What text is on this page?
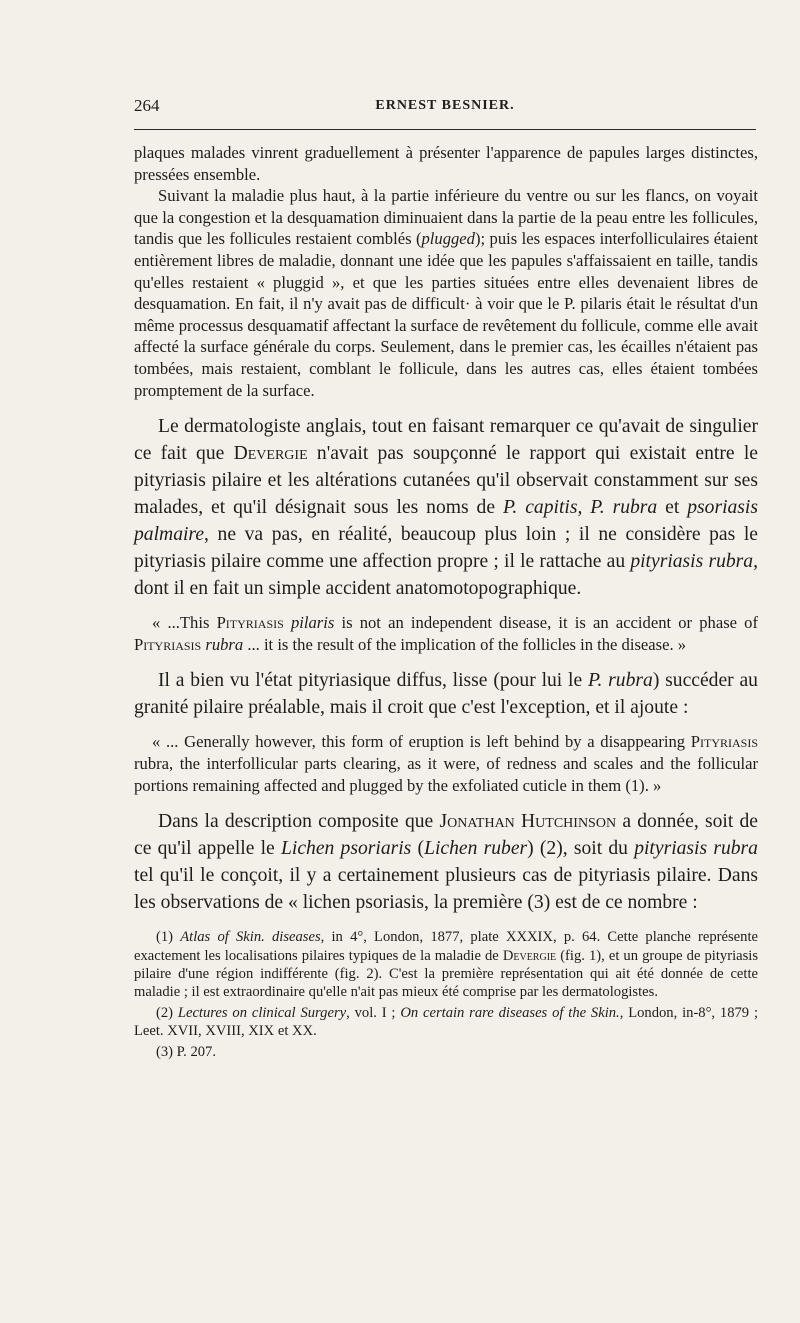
264	ERNEST BESNIER.

plaques malades vinrent graduellement à présenter l'apparence de papules larges distinctes, pressées ensemble.

Suivant la maladie plus haut, à la partie inférieure du ventre ou sur les flancs, on voyait que la congestion et la desquamation diminuaient dans la partie de la peau entre les follicules, tandis que les follicules restaient comblés (plugged); puis les espaces interfolliculaires étaient entièrement libres de maladie, donnant une idée que les papules s'affaissaient en taille, tandis qu'elles restaient « pluggid », et que les parties situées entre elles devenaient libres de desquamation. En fait, il n'y avait pas de difficult· à voir que le P. pilaris était le résultat d'un même processus desquamatif affectant la surface de revêtement du follicule, comme elle avait affecté la surface générale du corps. Seulement, dans le premier cas, les écailles n'étaient pas tombées, mais restaient, comblant le follicule, dans les autres cas, elles étaient tombées promptement de la surface.

Le dermatologiste anglais, tout en faisant remarquer ce qu'avait de singulier ce fait que Devergie n'avait pas soupçonné le rapport qui existait entre le pityriasis pilaire et les altérations cutanées qu'il observait constamment sur ses malades, et qu'il désignait sous les noms de P. capitis, P. rubra et psoriasis palmaire, ne va pas, en réalité, beaucoup plus loin ; il ne considère pas le pityriasis pilaire comme une affection propre ; il le rattache au pityriasis rubra, dont il en fait un simple accident anatomotopographique.

« ...This Pityriasis pilaris is not an independent disease, it is an accident or phase of Pityriasis rubra ... it is the result of the implication of the follicles in the disease. »

Il a bien vu l'état pityriasique diffus, lisse (pour lui le P. rubra) succéder au granité pilaire préalable, mais il croit que c'est l'exception, et il ajoute :

« ... Generally however, this form of eruption is left behind by a disappearing Pityriasis rubra, the interfollicular parts clearing, as it were, of redness and scales and the follicular portions remaining affected and plugged by the exfoliated cuticle in them (1). »

Dans la description composite que Jonathan Hutchinson a donnée, soit de ce qu'il appelle le Lichen psoriaris (Lichen ruber) (2), soit du pityriasis rubra tel qu'il le conçoit, il y a certainement plusieurs cas de pityriasis pilaire. Dans les observations de « lichen psoriasis, la première (3) est de ce nombre :

(1) Atlas of Skin. diseases, in 4°, London, 1877, plate XXXIX, p. 64. Cette planche représente exactement les localisations pilaires typiques de la maladie de Devergie (fig. 1), et un groupe de pityriasis pilaire d'une région indifférente (fig. 2). C'est la première représentation qui ait été donnée de cette maladie ; il est extraordinaire qu'elle n'ait pas mieux été comprise par les dermatologistes.

(2) Lectures on clinical Surgery, vol. I ; On certain rare diseases of the Skin., London, in-8°, 1879 ; Leet. XVII, XVIII, XIX et XX.

(3) P. 207.
